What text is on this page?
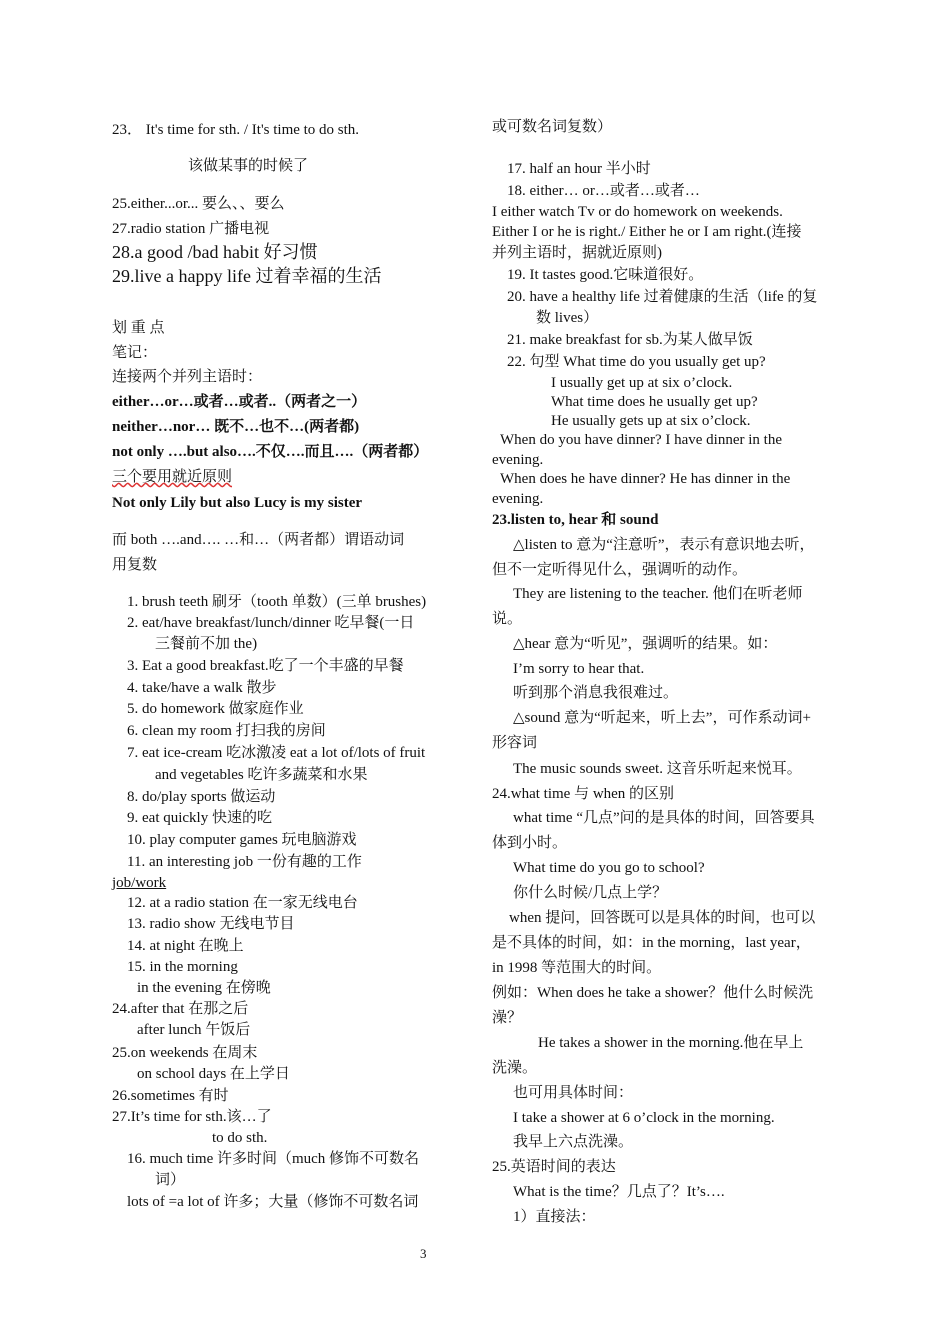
23． It's time for sth. / It's time to do sth.
该做某事的时候了
25.either...or... 要么、、要么
27.radio station 广播电视
28.a good /bad habit 好习惯
29.live a happy life 过着幸福的生活
划 重 点
笔记：
连接两个并列主语时：
either…or…或者…或者..（两者之一）
neither…nor… 既不…也不…(两者都)
not only ….but also….不仅….而且….（两者都）
三个要用就近原则
Not only Lily but also Lucy is my sister
而 both ….and…. …和…（两者都）谓语动词
用复数
1. brush teeth 刷牙（tooth 单数）(三单 brushes)
2. eat/have breakfast/lunch/dinner 吃早餐(一日
三餐前不加 the)
3. Eat a good breakfast.吃了一个丰盛的早餐
4. take/have a walk 散步
5. do homework 做家庭作业
6. clean my room 打扫我的房间
7. eat ice-cream 吃冰激凌 eat a lot of/lots of fruit
and vegetables 吃许多蔬菜和水果
8. do/play sports 做运动
9. eat quickly 快速的吃
10. play computer games 玩电脑游戏
11. an interesting job 一份有趣的工作
job/work
12. at a radio station 在一家无线电台
13. radio show 无线电节目
14. at night 在晚上
15. in the morning
in the evening 在傍晚
24.after that 在那之后
after lunch 午饭后
25.on weekends 在周末
on school days 在上学日
26.sometimes 有时
27.It’s time for sth.该…了
to do sth.
16. much time 许多时间（much 修饰不可数名
词）
lots of =a lot of 许多；大量（修饰不可数名词
或可数名词复数）
17. half an hour 半小时
18. either… or…或者…或者…
I either watch Tv or do homework on weekends.
Either I or he is right./ Either he or I am right.(连接
并列主语时，据就近原则)
19. It tastes good.它味道很好。
20. have a healthy life 过着健康的生活（life 的复
数 lives）
21. make breakfast for sb.为某人做早饭
22. 句型 What time do you usually get up?
I usually get up at six o’clock.
What time does he usually get up?
He usually gets up at six o’clock.
When do you have dinner? I have dinner in the
evening.
When does he have dinner? He has dinner in the
evening.
23.listen to, hear 和 sound
△listen to 意为“注意听”，表示有意识地去听，
但不一定听得见什么，强调听的动作。
They are listening to the teacher. 他们在听老师
说。
△hear 意为“听见”，强调听的结果。如：
I’m sorry to hear that.
听到那个消息我很难过。
△sound 意为“听起来，听上去”，可作系动词+
形容词
The music sounds sweet. 这音乐听起来悦耳。
24.what time 与 when 的区别
what time “几点”问的是具体的时间，回答要具
体到小时。
What time do you go to school?
你什么时候/几点上学？
when 提问，回答既可以是具体的时间，也可以
是不具体的时间，如：in the morning，last year，
in 1998 等范围大的时间。
例如：When does he take a shower？他什么时候洗
澡？
He takes a shower in the morning.他在早上
洗澡。
也可用具体时间：
I take a shower at 6 o’clock in the morning.
我早上六点洗澡。
25.英语时间的表达
What is the time？几点了？It’s….
1）直接法：
3
